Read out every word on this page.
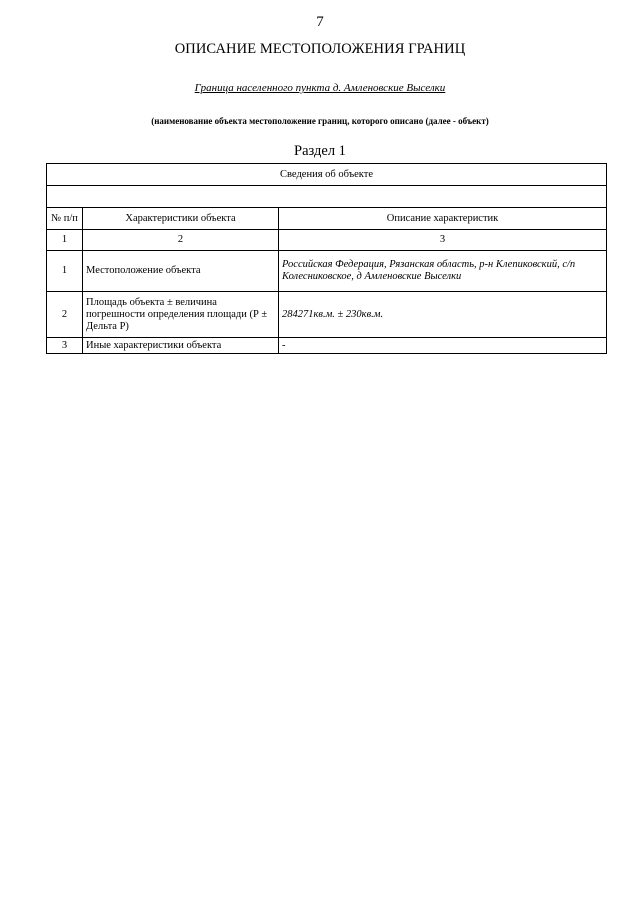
7
ОПИСАНИЕ МЕСТОПОЛОЖЕНИЯ ГРАНИЦ
Граница населенного пункта д. Амленовские Выселки
(наименование объекта местоположение границ, которого описано (далее - объект)
Раздел 1
Сведения об объекте		

№ п/п	Характеристики объекта	Описание характеристик
1	2	3
1	Местоположение объекта	Российская Федерация, Рязанская область, р-н Клепиковский, с/п Колесниковское, д Амленовские Выселки
2	Площадь объекта ± величина погрешности определения площади (Р ± Дельта Р)	284271кв.м. ± 230кв.м.
3	Иные характеристики объекта	-
